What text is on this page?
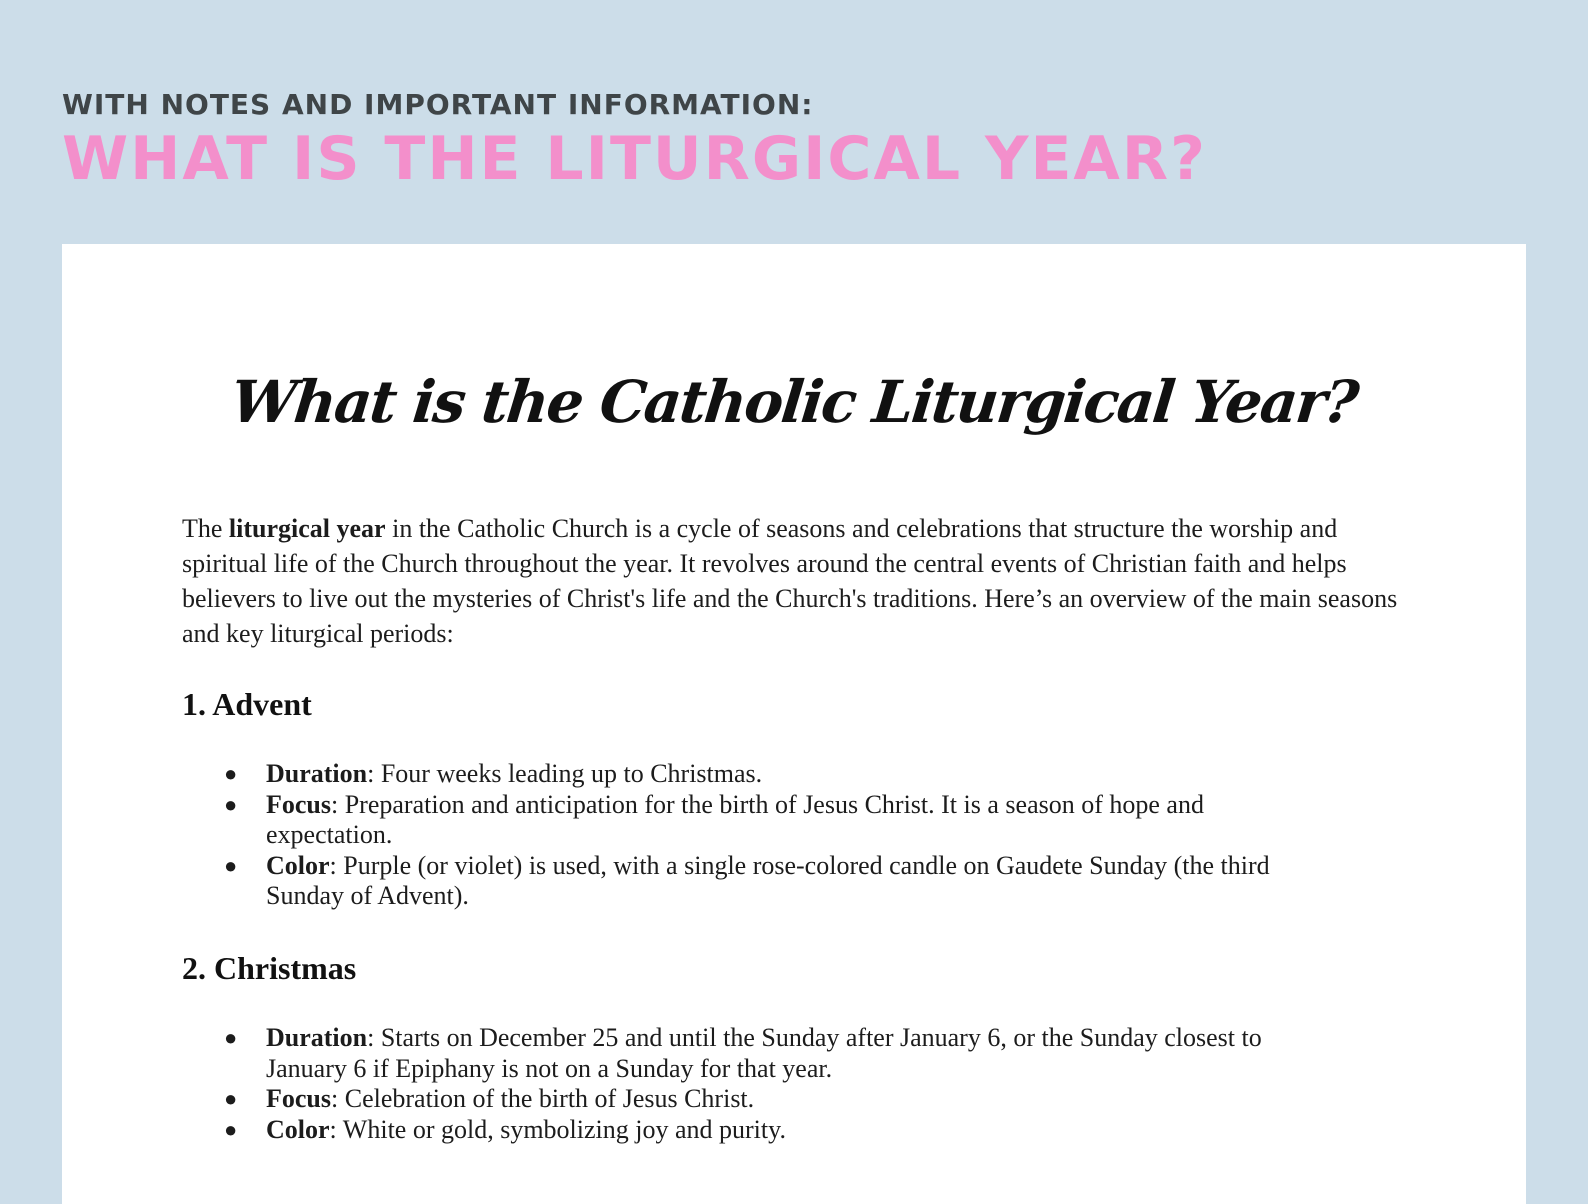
WITH NOTES AND IMPORTANT INFORMATION:
WHAT IS THE LITURGICAL YEAR?
What is the Catholic Liturgical Year?

The liturgical year in the Catholic Church is a cycle of seasons and celebrations that structure the worship and spiritual life of the Church throughout the year. It revolves around the central events of Christian faith and helps believers to live out the mysteries of Christ's life and the Church's traditions. Here’s an overview of the main seasons and key liturgical periods:

1. Advent
● Duration: Four weeks leading up to Christmas.
● Focus: Preparation and anticipation for the birth of Jesus Christ. It is a season of hope and expectation.
● Color: Purple (or violet) is used, with a single rose-colored candle on Gaudete Sunday (the third Sunday of Advent).
2. Christmas
● Duration: Starts on December 25 and until the Sunday after January 6, or the Sunday closest to January 6 if Epiphany is not on a Sunday for that year.
● Focus: Celebration of the birth of Jesus Christ.
● Color: White or gold, symbolizing joy and purity.
